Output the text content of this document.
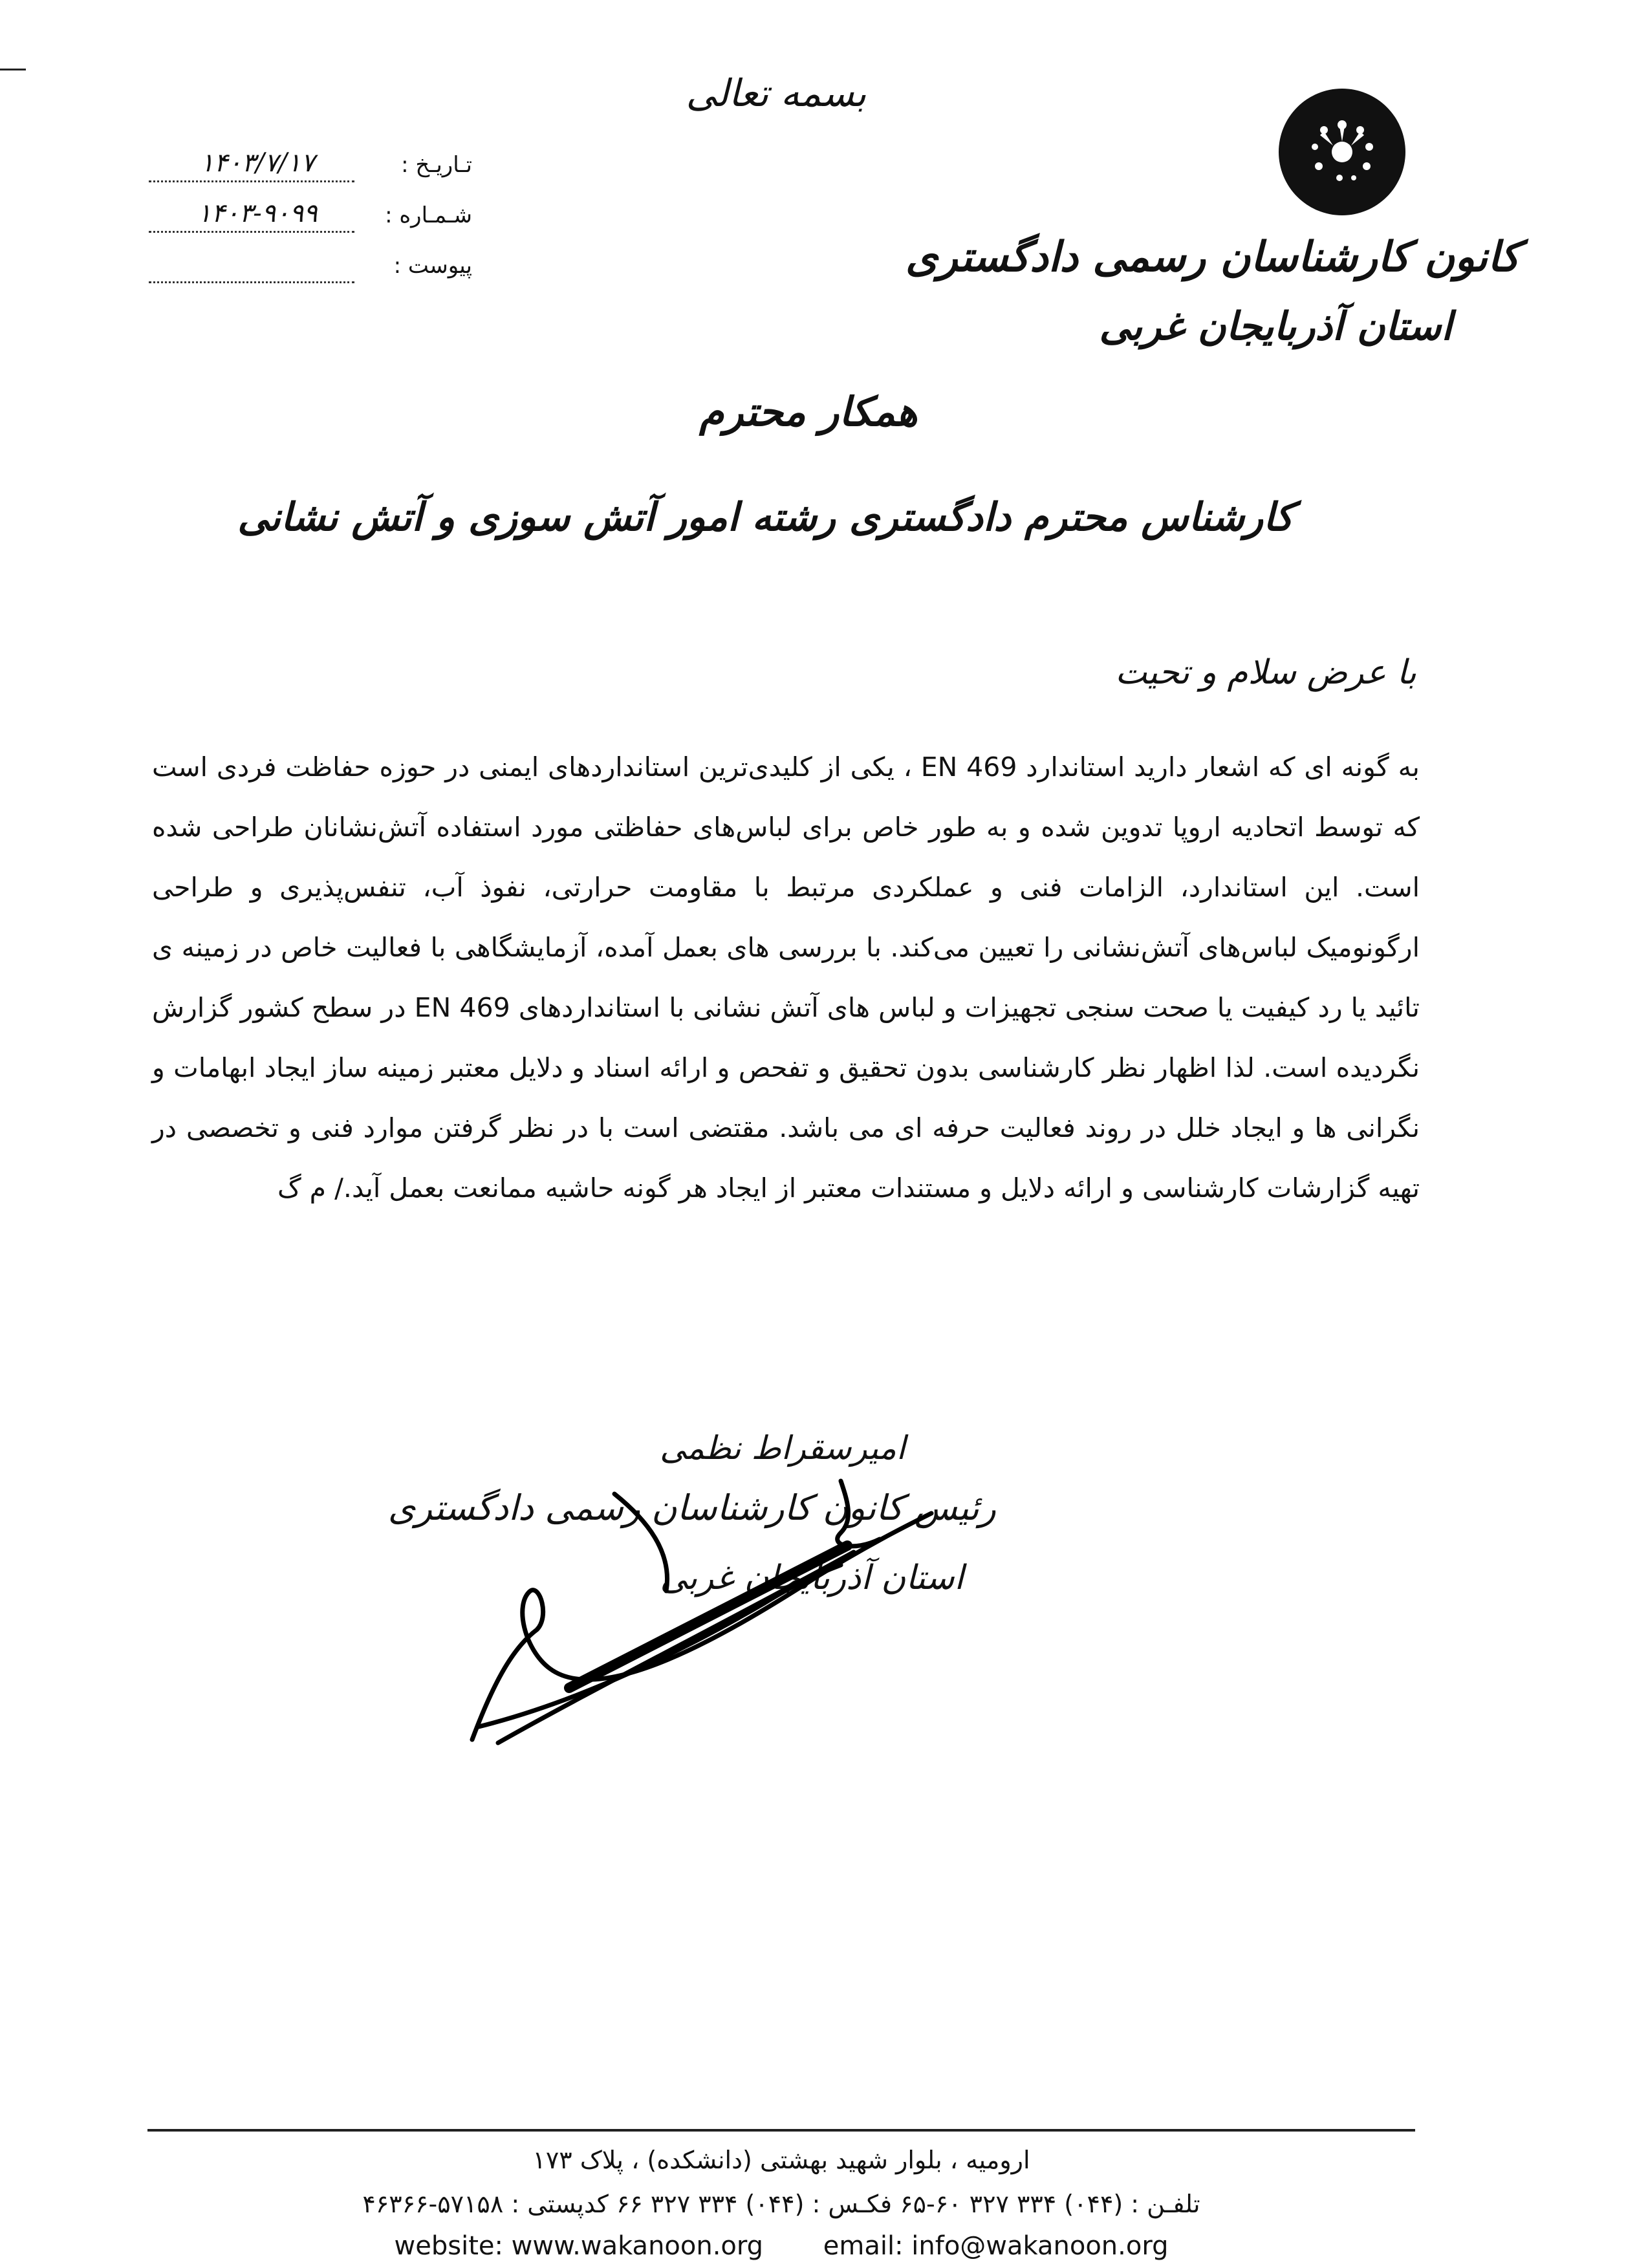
بسمه تعالی
کانون کارشناسان رسمی دادگستری
استان آذربایجان غربی
تـاریـخ :
۱۴۰۳/۷/۱۷
شـمـاره :
۱۴۰۳-۹۰۹۹
پیوست :
همکار محترم
کارشناس محترم دادگستری رشته امور آتش سوزی و آتش نشانی
با عرض سلام و تحیت
به گونه ای که اشعار دارید استاندارد EN 469 ، یکی از کلیدی‌ترین استانداردهای ایمنی در حوزه حفاظت فردی است که توسط اتحادیه اروپا تدوین شده و به طور خاص برای لباس‌های حفاظتی مورد استفاده آتش‌نشانان طراحی شده است. این استاندارد، الزامات فنی و عملکردی مرتبط با مقاومت حرارتی، نفوذ آب، تنفس‌پذیری و طراحی ارگونومیک لباس‌های آتش‌نشانی را تعیین می‌کند. با بررسی های بعمل آمده، آزمایشگاهی با فعالیت خاص در زمینه ی تائید یا رد کیفیت یا صحت سنجی تجهیزات و لباس های آتش نشانی با استانداردهای EN 469 در سطح کشور گزارش نگردیده است. لذا اظهار نظر کارشناسی بدون تحقیق و تفحص و ارائه اسناد و دلایل معتبر زمینه ساز ایجاد ابهامات و نگرانی ها و ایجاد خلل در روند فعالیت حرفه ای می باشد. مقتضی است با در نظر گرفتن موارد فنی و تخصصی در تهیه گزارشات کارشناسی و ارائه دلایل و مستندات معتبر از ایجاد هر گونه حاشیه ممانعت بعمل آید./ م گ
امیرسقراط نظمی
رئیس کانون کارشناسان رسمی دادگستری
استان آذربایجان غربی
ارومیه ، بلوار شهید بهشتی (دانشکده) ، پلاک ۱۷۳
تلفـن : (۰۴۴) ۳۳۴ ۳۲۷ ۶۰-۶۵ فکـس : (۰۴۴) ۳۳۴ ۳۲۷ ۶۶ کدپستی : ۵۷۱۵۸-۴۶۳۶۶
website: www.wakanoon.org email: info@wakanoon.org
